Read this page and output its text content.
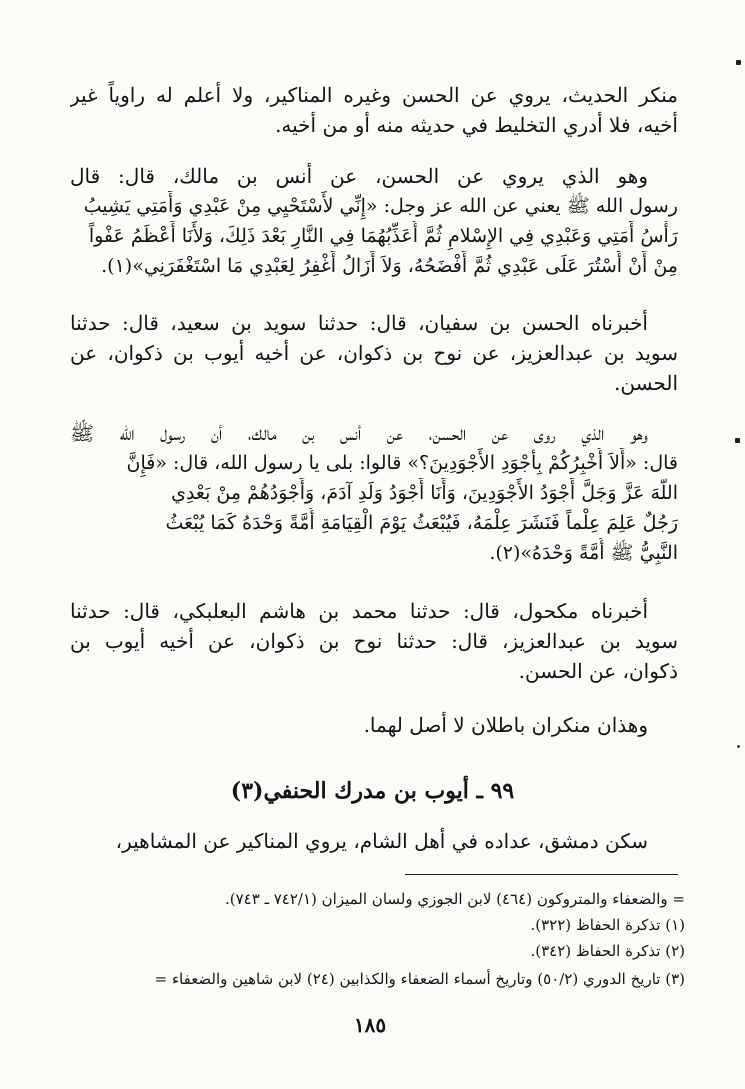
منكر الحديث، يروي عن الحسن وغيره المناكير، ولا أعلم له راوياً غير
أخيه، فلا أدري التخليط في حديثه منه أو من أخيه.
وهو الذي يروي عن الحسن، عن أنس بن مالك، قال: قال
رسول الله ﷺ يعني عن الله عز وجل: «إِنِّي لأَسْتَحْيِي مِنْ عَبْدِي وَأَمَتِي يَشِيبُ
رَأْسُ أَمَتِي وَعَبْدِي فِي الإِسْلامِ ثُمَّ أُعَذِّبُهُمَا فِي النَّارِ بَعْدَ ذَلِكَ، وَلأَنَا أَعْظَمُ عَفْواً
مِنْ أَنْ أَسْتُرَ عَلَى عَبْدِي ثُمَّ أَفْضَحُهُ، وَلاَ أَزَالُ أَغْفِرُ لِعَبْدِي مَا اسْتَغْفَرَنِي»(١).
أخبرناه الحسن بن سفيان، قال: حدثنا سويد بن سعيد، قال: حدثنا
سويد بن عبدالعزيز، عن نوح بن ذكوان، عن أخيه أيوب بن ذكوان، عن
الحسن.
وهو الذي روى عن الحسن، عن أنس بن مالك، أن رسول الله ﷺ
قال: «أَلاَ أُخْبِرُكُمْ بِأَجْوَدِ الأَجْوَدِينَ؟» قالوا: بلى يا رسول الله، قال: «فَإِنَّ
اللَّهَ عَزَّ وَجَلَّ أَجْوَدُ الأَجْوَدِينَ، وَأَنَا أَجْوَدُ وَلَدِ آدَمَ، وَأَجْوَدُهُمْ مِنْ بَعْدِي
رَجُلٌ عَلِمَ عِلْماً فَنَشَرَ عِلْمَهُ، فَيُبْعَثُ يَوْمَ الْقِيَامَةِ أُمَّةً وَحْدَهُ كَمَا يُبْعَثُ
النَّبِيُّ ﷺ أُمَّةً وَحْدَهُ»(٢).
أخبرناه مكحول، قال: حدثنا محمد بن هاشم البعلبكي، قال: حدثنا
سويد بن عبدالعزيز، قال: حدثنا نوح بن ذكوان، عن أخيه أيوب بن
ذكوان، عن الحسن.
وهذان منكران باطلان لا أصل لهما.
٩٩ ـ أيوب بن مدرك الحنفي(٣)
سكن دمشق، عداده في أهل الشام، يروي المناكير عن المشاهير،
= والضعفاء والمتروكون (٤٦٤) لابن الجوزي ولسان الميزان (٧٤٢/١ ـ ٧٤٣).
(١) تذكرة الحفاظ (٣٢٢).
(٢) تذكرة الحفاظ (٣٤٢).
(٣) تاريخ الدوري (٥٠/٢) وتاريخ أسماء الضعفاء والكذابين (٢٤) لابن شاهين والضعفاء =
١٨٥
